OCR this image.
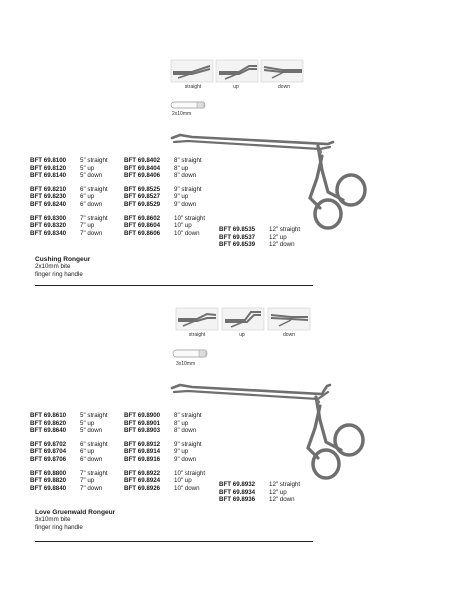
straight	up	down
2x10mm
BFT 69.8100	5" straight
BFT 69.8120	5" up
BFT 69.8140	5" down
BFT 69.8210	6" straight
BFT 69.8230	6" up
BFT 69.8240	6" down
BFT 69.8300	7" straight
BFT 69.8320	7" up
BFT 69.8340	7" down
BFT 69.8402	8" straight
BFT 69.8404	8" up
BFT 69.8406	8" down
BFT 69.8525	9" straight
BFT 69.8527	9" up
BFT 69.8529	9" down
BFT 69.8602	10" straight
BFT 69.8604	10" up
BFT 69.8606	10" down
BFT 69.8535	12" straight
BFT 69.8537	12" up
BFT 69.8539	12" down
Cushing Rongeur
2x10mm bite
finger ring handle
straight	up	down
3x10mm
BFT 69.8610	5" straight
BFT 69.8620	5" up
BFT 69.8640	5" down
BFT 69.8702	6" straight
BFT 69.8704	6" up
BFT 69.8706	6" down
BFT 69.8800	7" straight
BFT 69.8820	7" up
BFT 69.8840	7" down
BFT 69.8900	8" straight
BFT 69.8901	8" up
BFT 69.8903	8" down
BFT 69.8912	9" straight
BFT 69.8914	9" up
BFT 69.8916	9" down
BFT 69.8922	10" straight
BFT 69.8924	10" up
BFT 69.8926	10" down
BFT 69.8932	12" straight
BFT 69.8934	12" up
BFT 69.8936	12" down
Love Gruenwald Rongeur
3x10mm bite
finger ring handle
